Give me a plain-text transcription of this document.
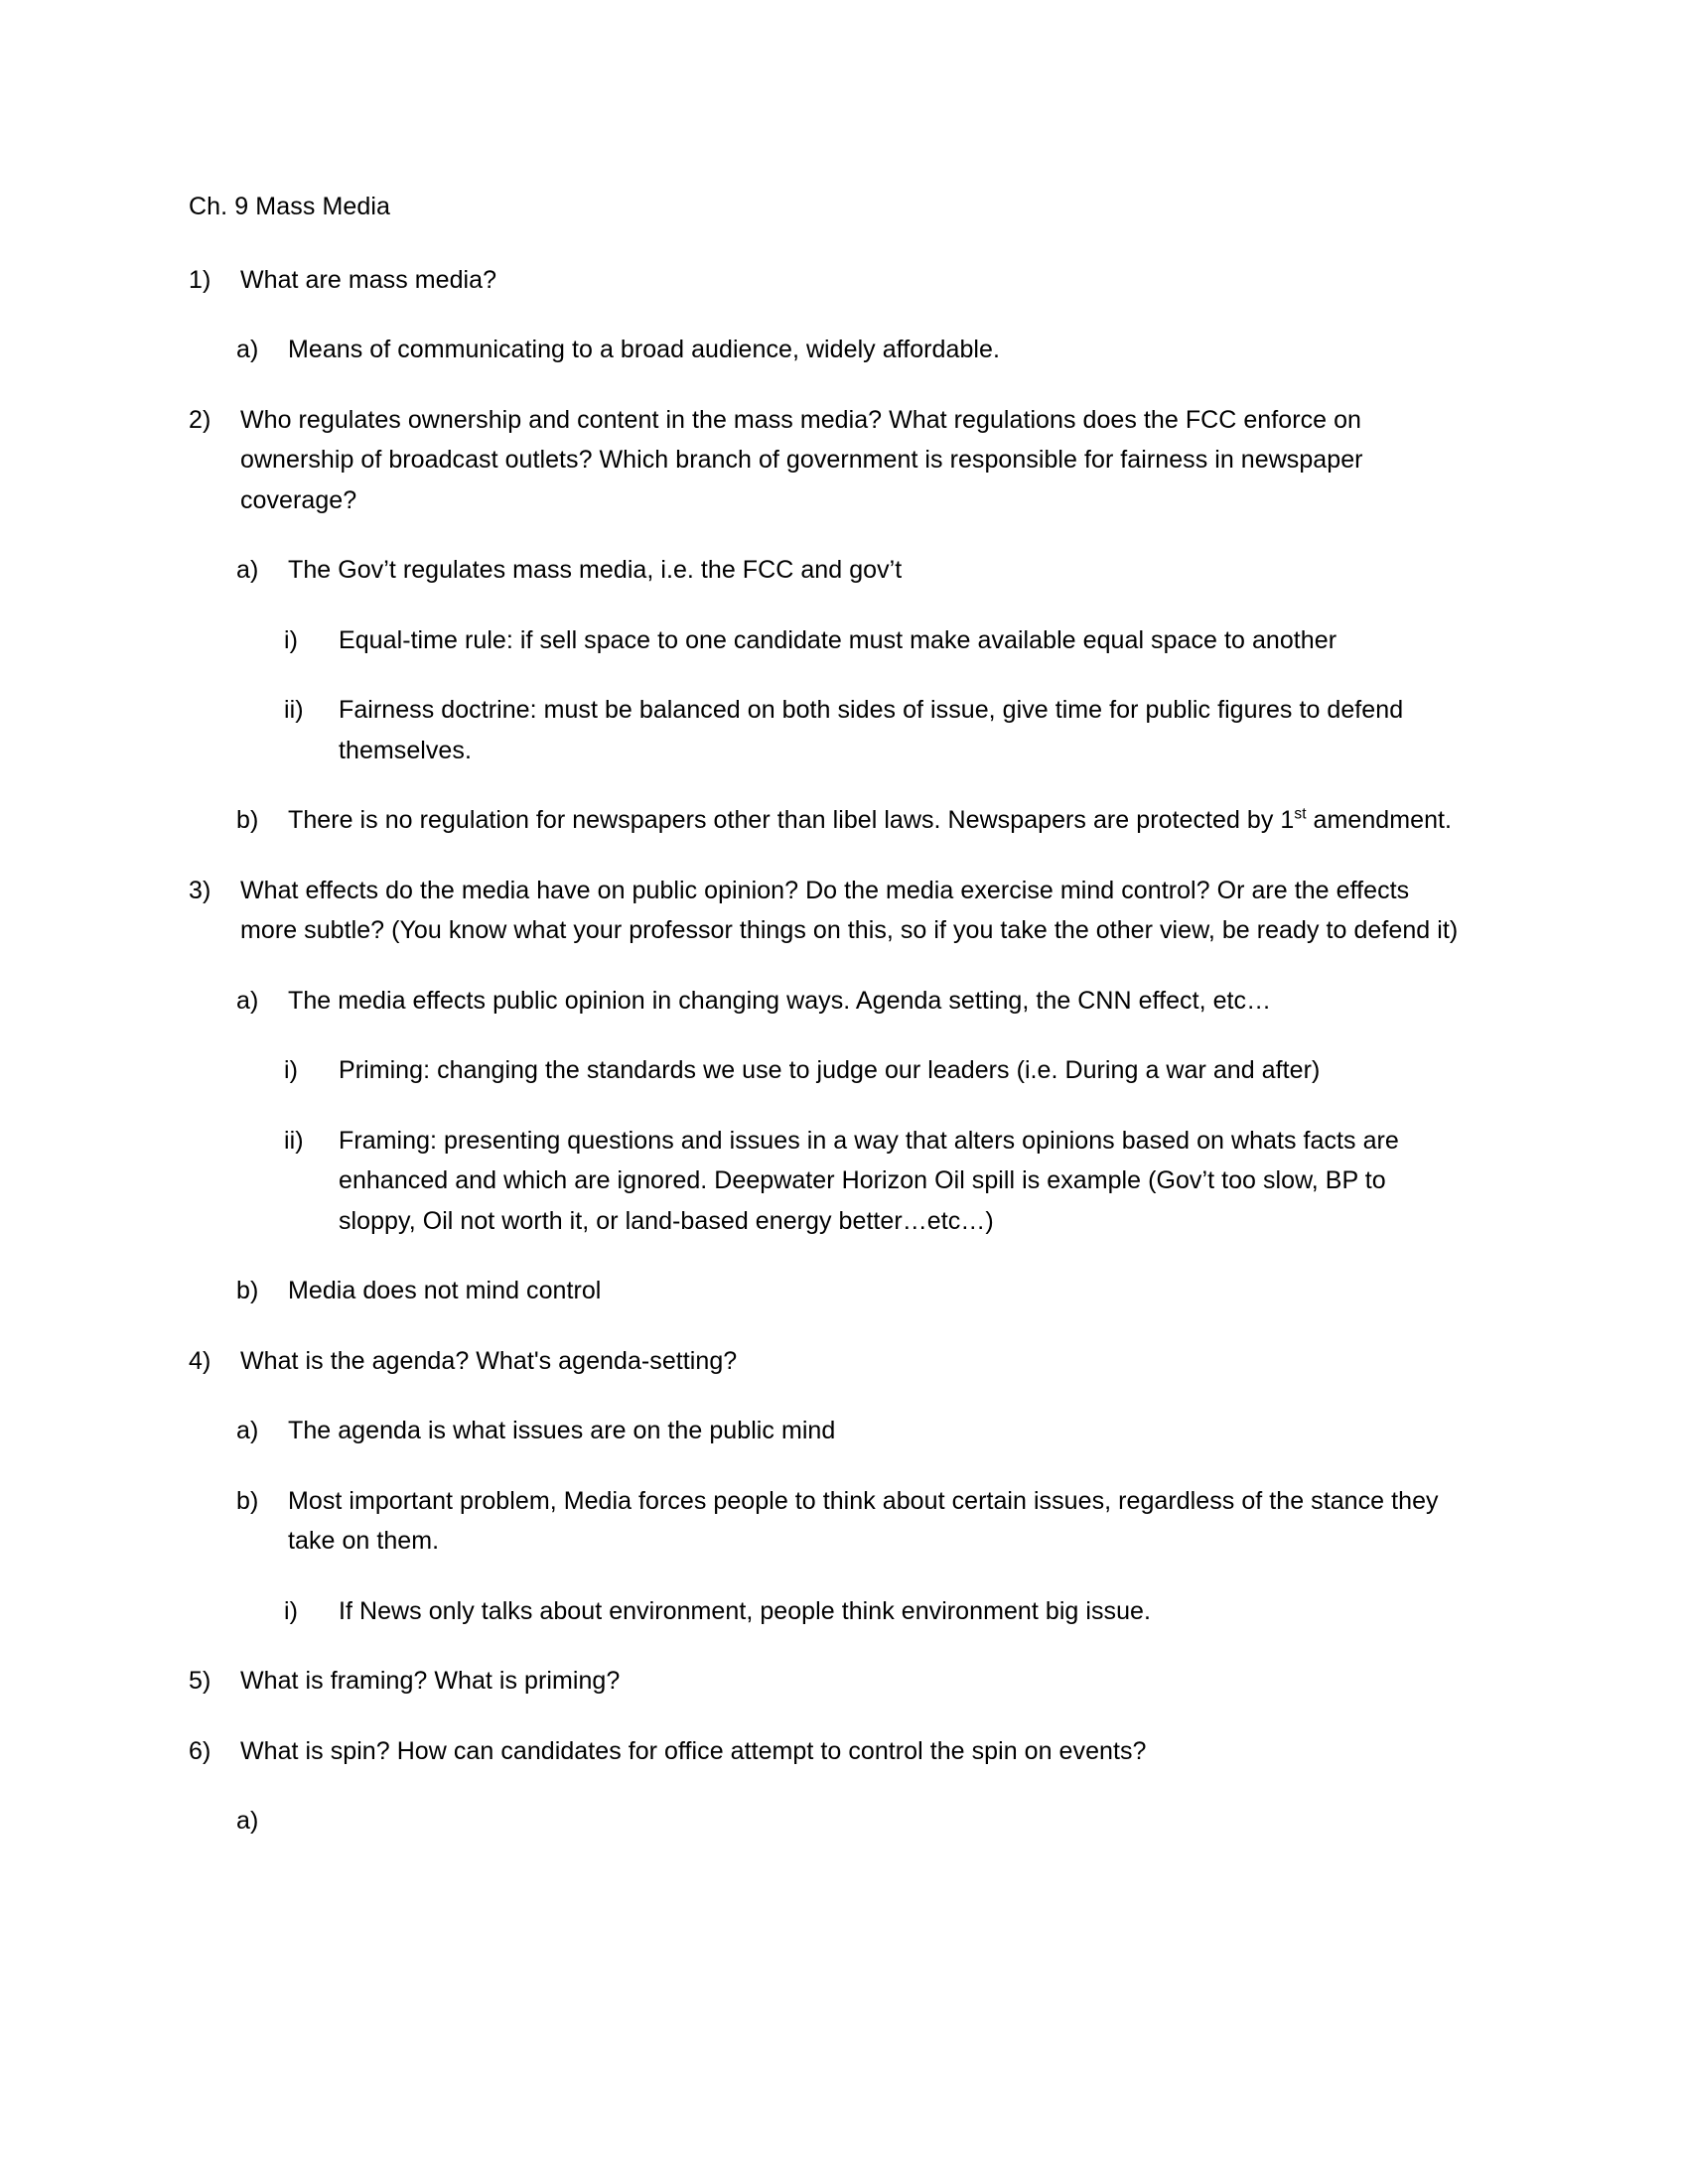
Ch. 9 Mass Media

1)	What are mass media?
a)	Means of communicating to a broad audience, widely affordable.
2)	Who regulates ownership and content in the mass media? What regulations does the FCC enforce on ownership of broadcast outlets? Which branch of government is responsible for fairness in newspaper coverage?
a)	The Gov’t regulates mass media, i.e. the FCC and gov’t
i)	Equal-time rule: if sell space to one candidate must make available equal space to another
ii)	Fairness doctrine: must be balanced on both sides of issue, give time for public figures to defend themselves.
b)	There is no regulation for newspapers other than libel laws. Newspapers are protected by 1st amendment.
3)	What effects do the media have on public opinion? Do the media exercise mind control? Or are the effects more subtle? (You know what your professor things on this, so if you take the other view, be ready to defend it)
a)	The media effects public opinion in changing ways. Agenda setting, the CNN effect, etc…
i)	Priming: changing the standards we use to judge our leaders (i.e. During a war and after)
ii)	Framing: presenting questions and issues in a way that alters opinions based on whats facts are enhanced and which are ignored. Deepwater Horizon Oil spill is example (Gov’t too slow, BP to sloppy, Oil not worth it, or land-based energy better…etc…)
b)	Media does not mind control
4)	What is the agenda? What's agenda-setting?
a)	The agenda is what issues are on the public mind
b)	Most important problem, Media forces people to think about certain issues, regardless of the stance they take on them.
i)	If News only talks about environment, people think environment big issue.
5)	What is framing? What is priming?
6)	What is spin? How can candidates for office attempt to control the spin on events?
a)
